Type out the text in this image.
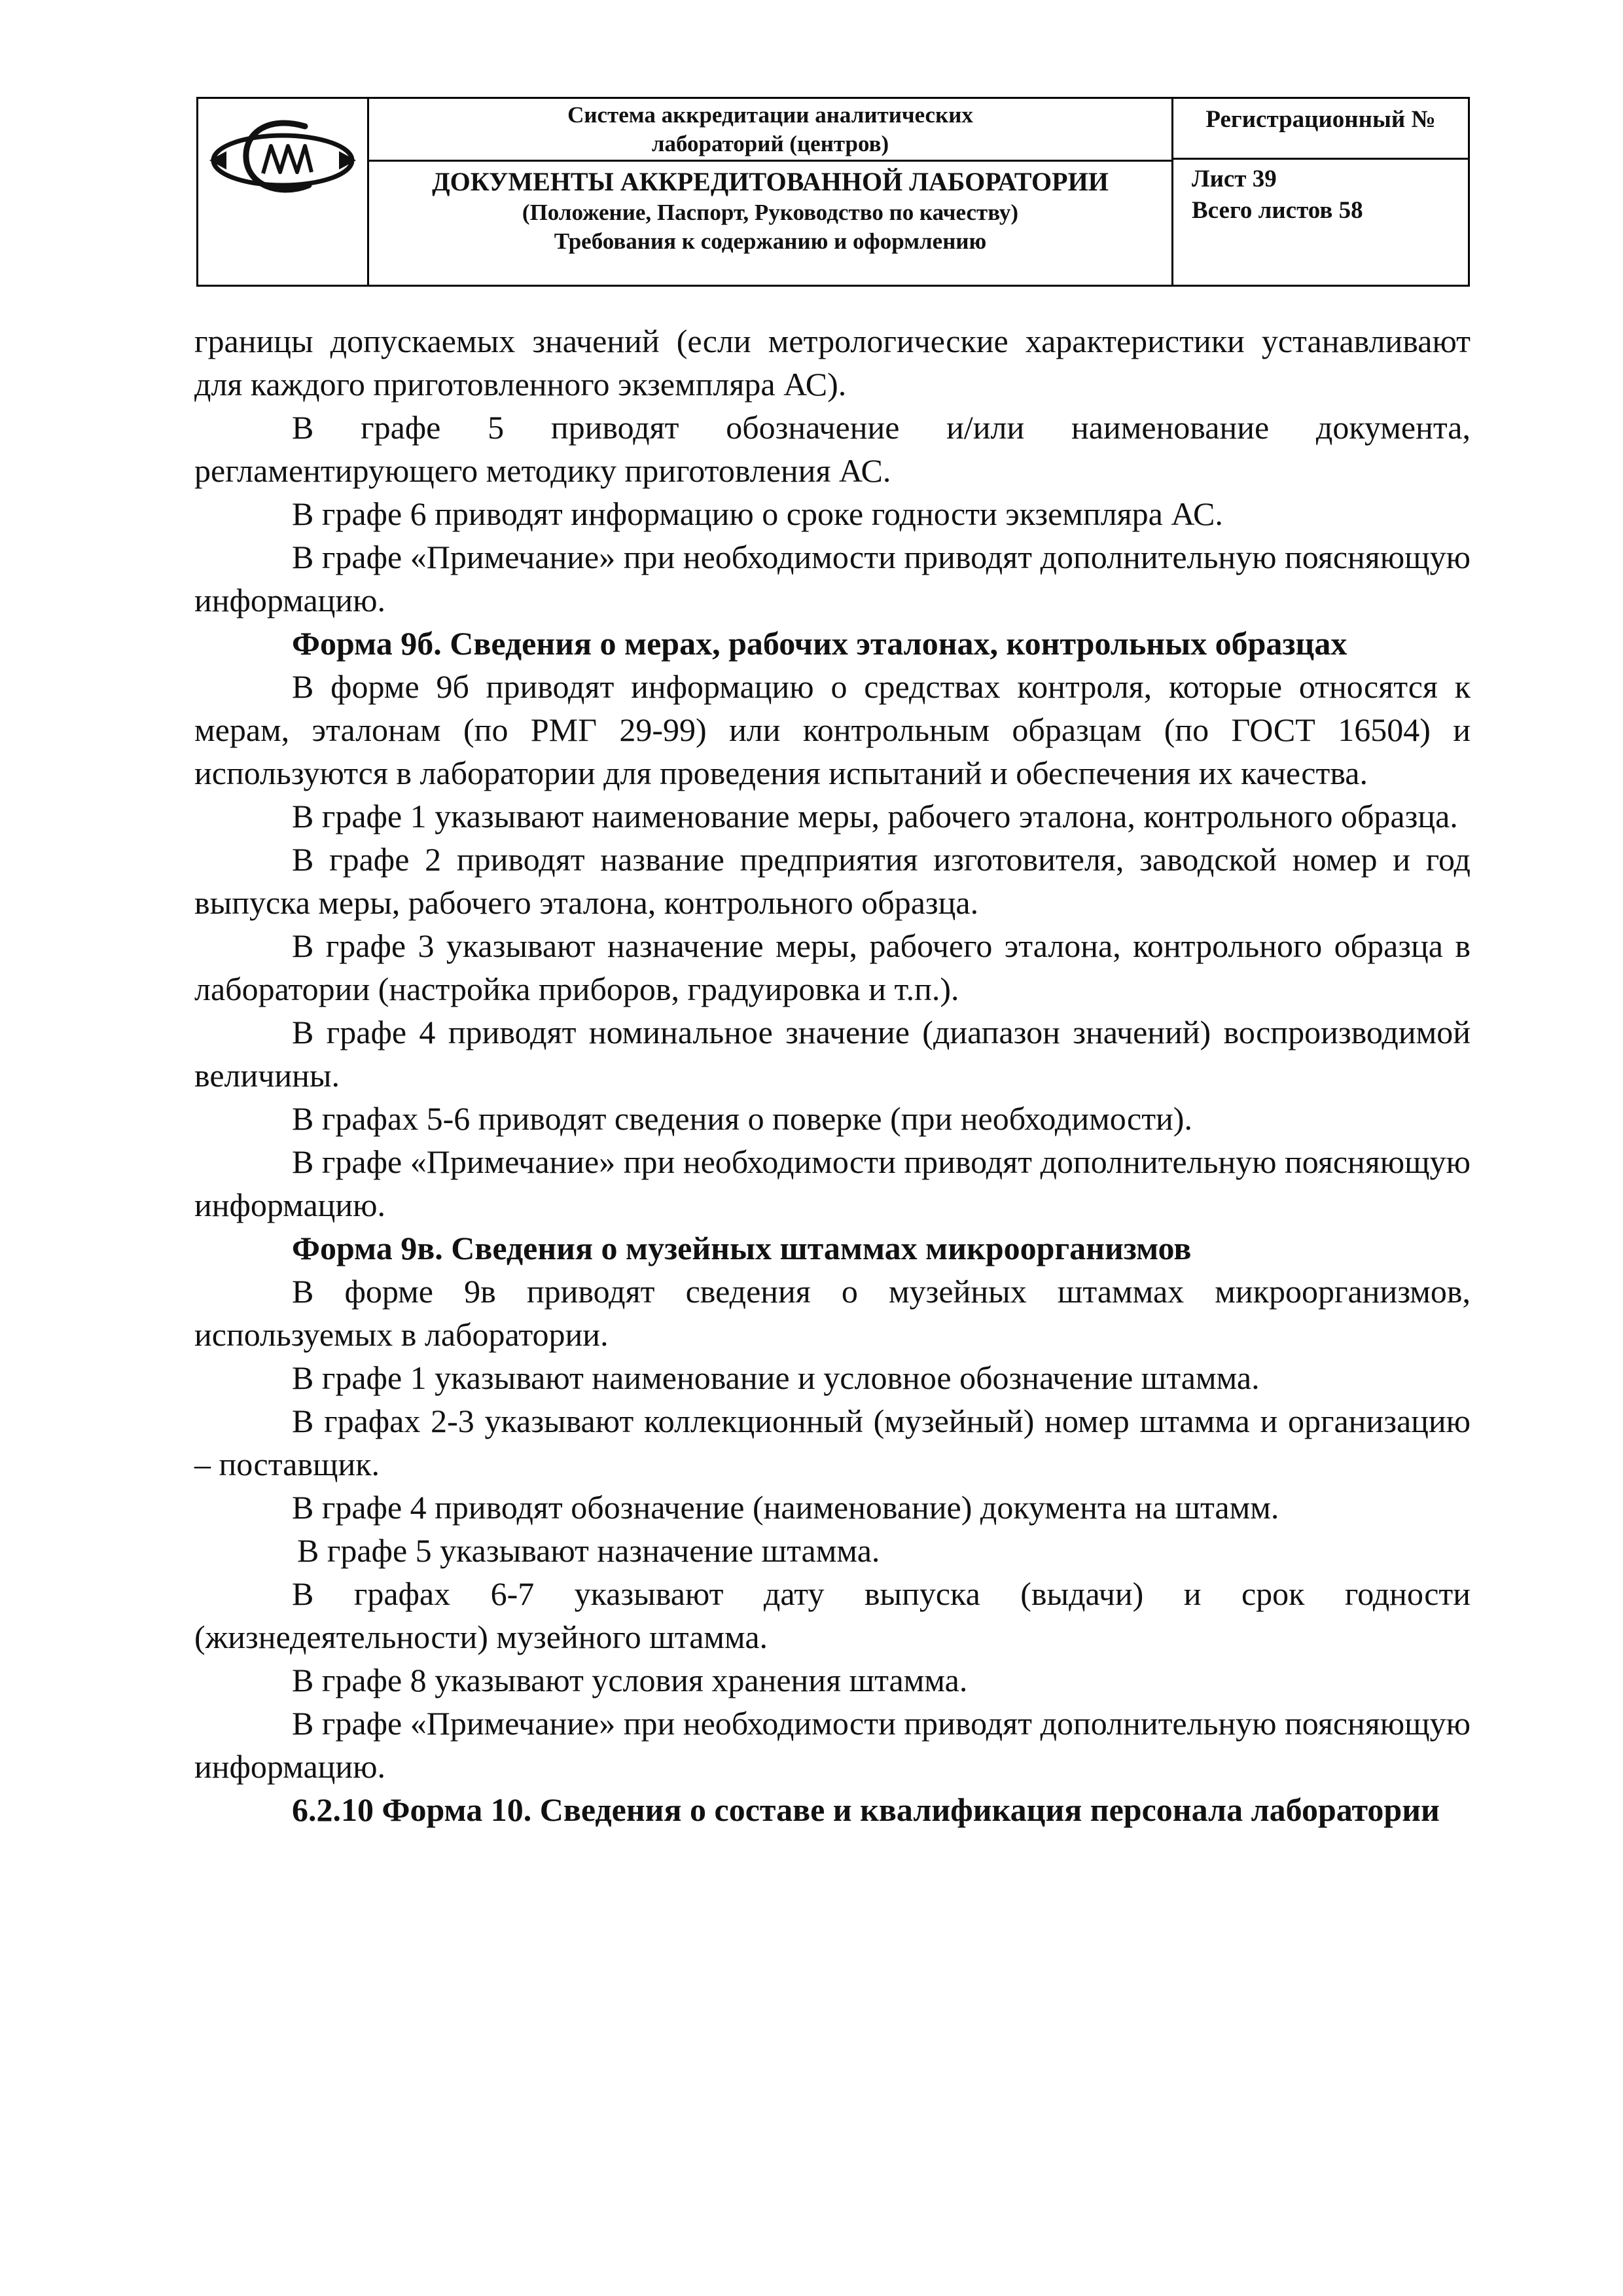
Система аккредитации аналитических
лабораторий (центров)
ДОКУМЕНТЫ АККРЕДИТОВАННОЙ ЛАБОРАТОРИИ
(Положение, Паспорт, Руководство по качеству)
Требования к содержанию и оформлению
Регистрационный №
Лист 39
Всего листов 58

границы допускаемых значений (если метрологические характеристики устанавливают для каждого приготовленного экземпляра АС).

В графе 5 приводят обозначение и/или наименование документа, регламентирующего методику приготовления АС.

В графе 6 приводят информацию о сроке годности экземпляра АС.

В графе «Примечание» при необходимости приводят дополнительную поясняющую информацию.

Форма 9б. Сведения о мерах, рабочих эталонах, контрольных образцах

В форме 9б приводят информацию о средствах контроля, которые относятся к мерам, эталонам (по РМГ 29-99) или контрольным образцам (по ГОСТ 16504) и используются в лаборатории для проведения испытаний и обеспечения их качества.

В графе 1 указывают наименование меры, рабочего эталона, контрольного образца.

В графе 2 приводят название предприятия изготовителя, заводской номер и год выпуска меры, рабочего эталона, контрольного образца.

В графе 3 указывают назначение меры, рабочего эталона, контрольного образца в лаборатории (настройка приборов, градуировка и т.п.).

В графе 4 приводят номинальное значение (диапазон значений) воспроизводимой величины.

В графах 5-6 приводят сведения о поверке (при необходимости).

В графе «Примечание» при необходимости приводят дополнительную поясняющую информацию.

Форма 9в. Сведения о музейных штаммах микроорганизмов

В форме 9в приводят сведения о музейных штаммах микроорганизмов, используемых в лаборатории.

В графе 1 указывают наименование и условное обозначение штамма.

В графах 2-3 указывают коллекционный (музейный) номер штамма и организацию – поставщик.

В графе 4 приводят обозначение (наименование) документа на штамм.

В графе 5 указывают назначение штамма.

В графах 6-7 указывают дату выпуска (выдачи) и срок годности (жизнедеятельности) музейного штамма.

В графе 8 указывают условия хранения штамма.

В графе «Примечание» при необходимости приводят дополнительную поясняющую информацию.

6.2.10 Форма 10. Сведения о составе и квалификация персонала лаборатории
